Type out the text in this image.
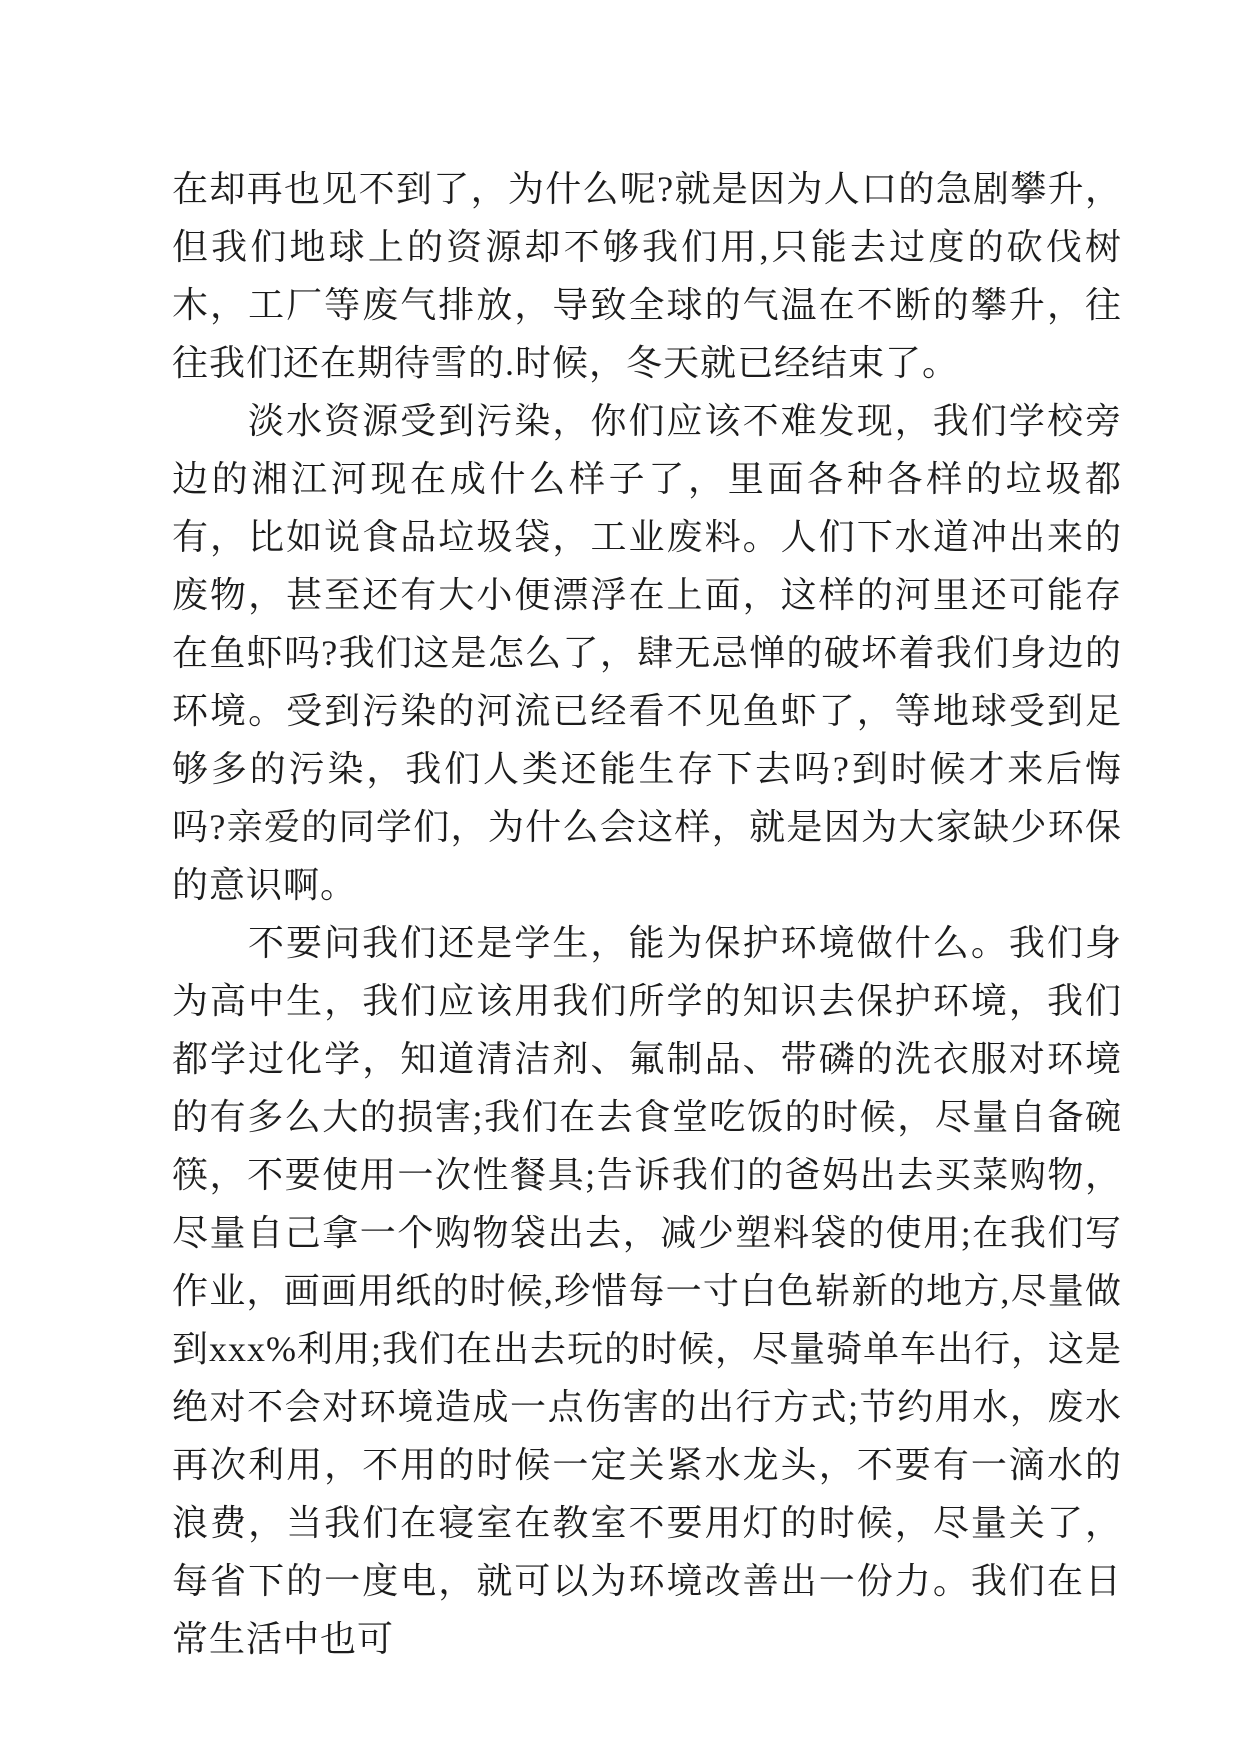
在却再也见不到了，为什么呢?就是因为人口的急剧攀升，但我们地球上的资源却不够我们用,只能去过度的砍伐树木，工厂等废气排放，导致全球的气温在不断的攀升，往往我们还在期待雪的.时候，冬天就已经结束了。

淡水资源受到污染，你们应该不难发现，我们学校旁边的湘江河现在成什么样子了，里面各种各样的垃圾都有，比如说食品垃圾袋，工业废料。人们下水道冲出来的废物，甚至还有大小便漂浮在上面，这样的河里还可能存在鱼虾吗?我们这是怎么了，肆无忌惮的破坏着我们身边的环境。受到污染的河流已经看不见鱼虾了，等地球受到足够多的污染，我们人类还能生存下去吗?到时候才来后悔吗?亲爱的同学们，为什么会这样，就是因为大家缺少环保的意识啊。

不要问我们还是学生，能为保护环境做什么。我们身为高中生，我们应该用我们所学的知识去保护环境，我们都学过化学，知道清洁剂、氟制品、带磷的洗衣服对环境的有多么大的损害;我们在去食堂吃饭的时候，尽量自备碗筷，不要使用一次性餐具;告诉我们的爸妈出去买菜购物，尽量自己拿一个购物袋出去，减少塑料袋的使用;在我们写作业，画画用纸的时候,珍惜每一寸白色崭新的地方,尽量做到xxx%利用;我们在出去玩的时候，尽量骑单车出行，这是绝对不会对环境造成一点伤害的出行方式;节约用水，废水再次利用，不用的时候一定关紧水龙头，不要有一滴水的浪费，当我们在寝室在教室不要用灯的时候，尽量关了，每省下的一度电，就可以为环境改善出一份力。我们在日常生活中也可
